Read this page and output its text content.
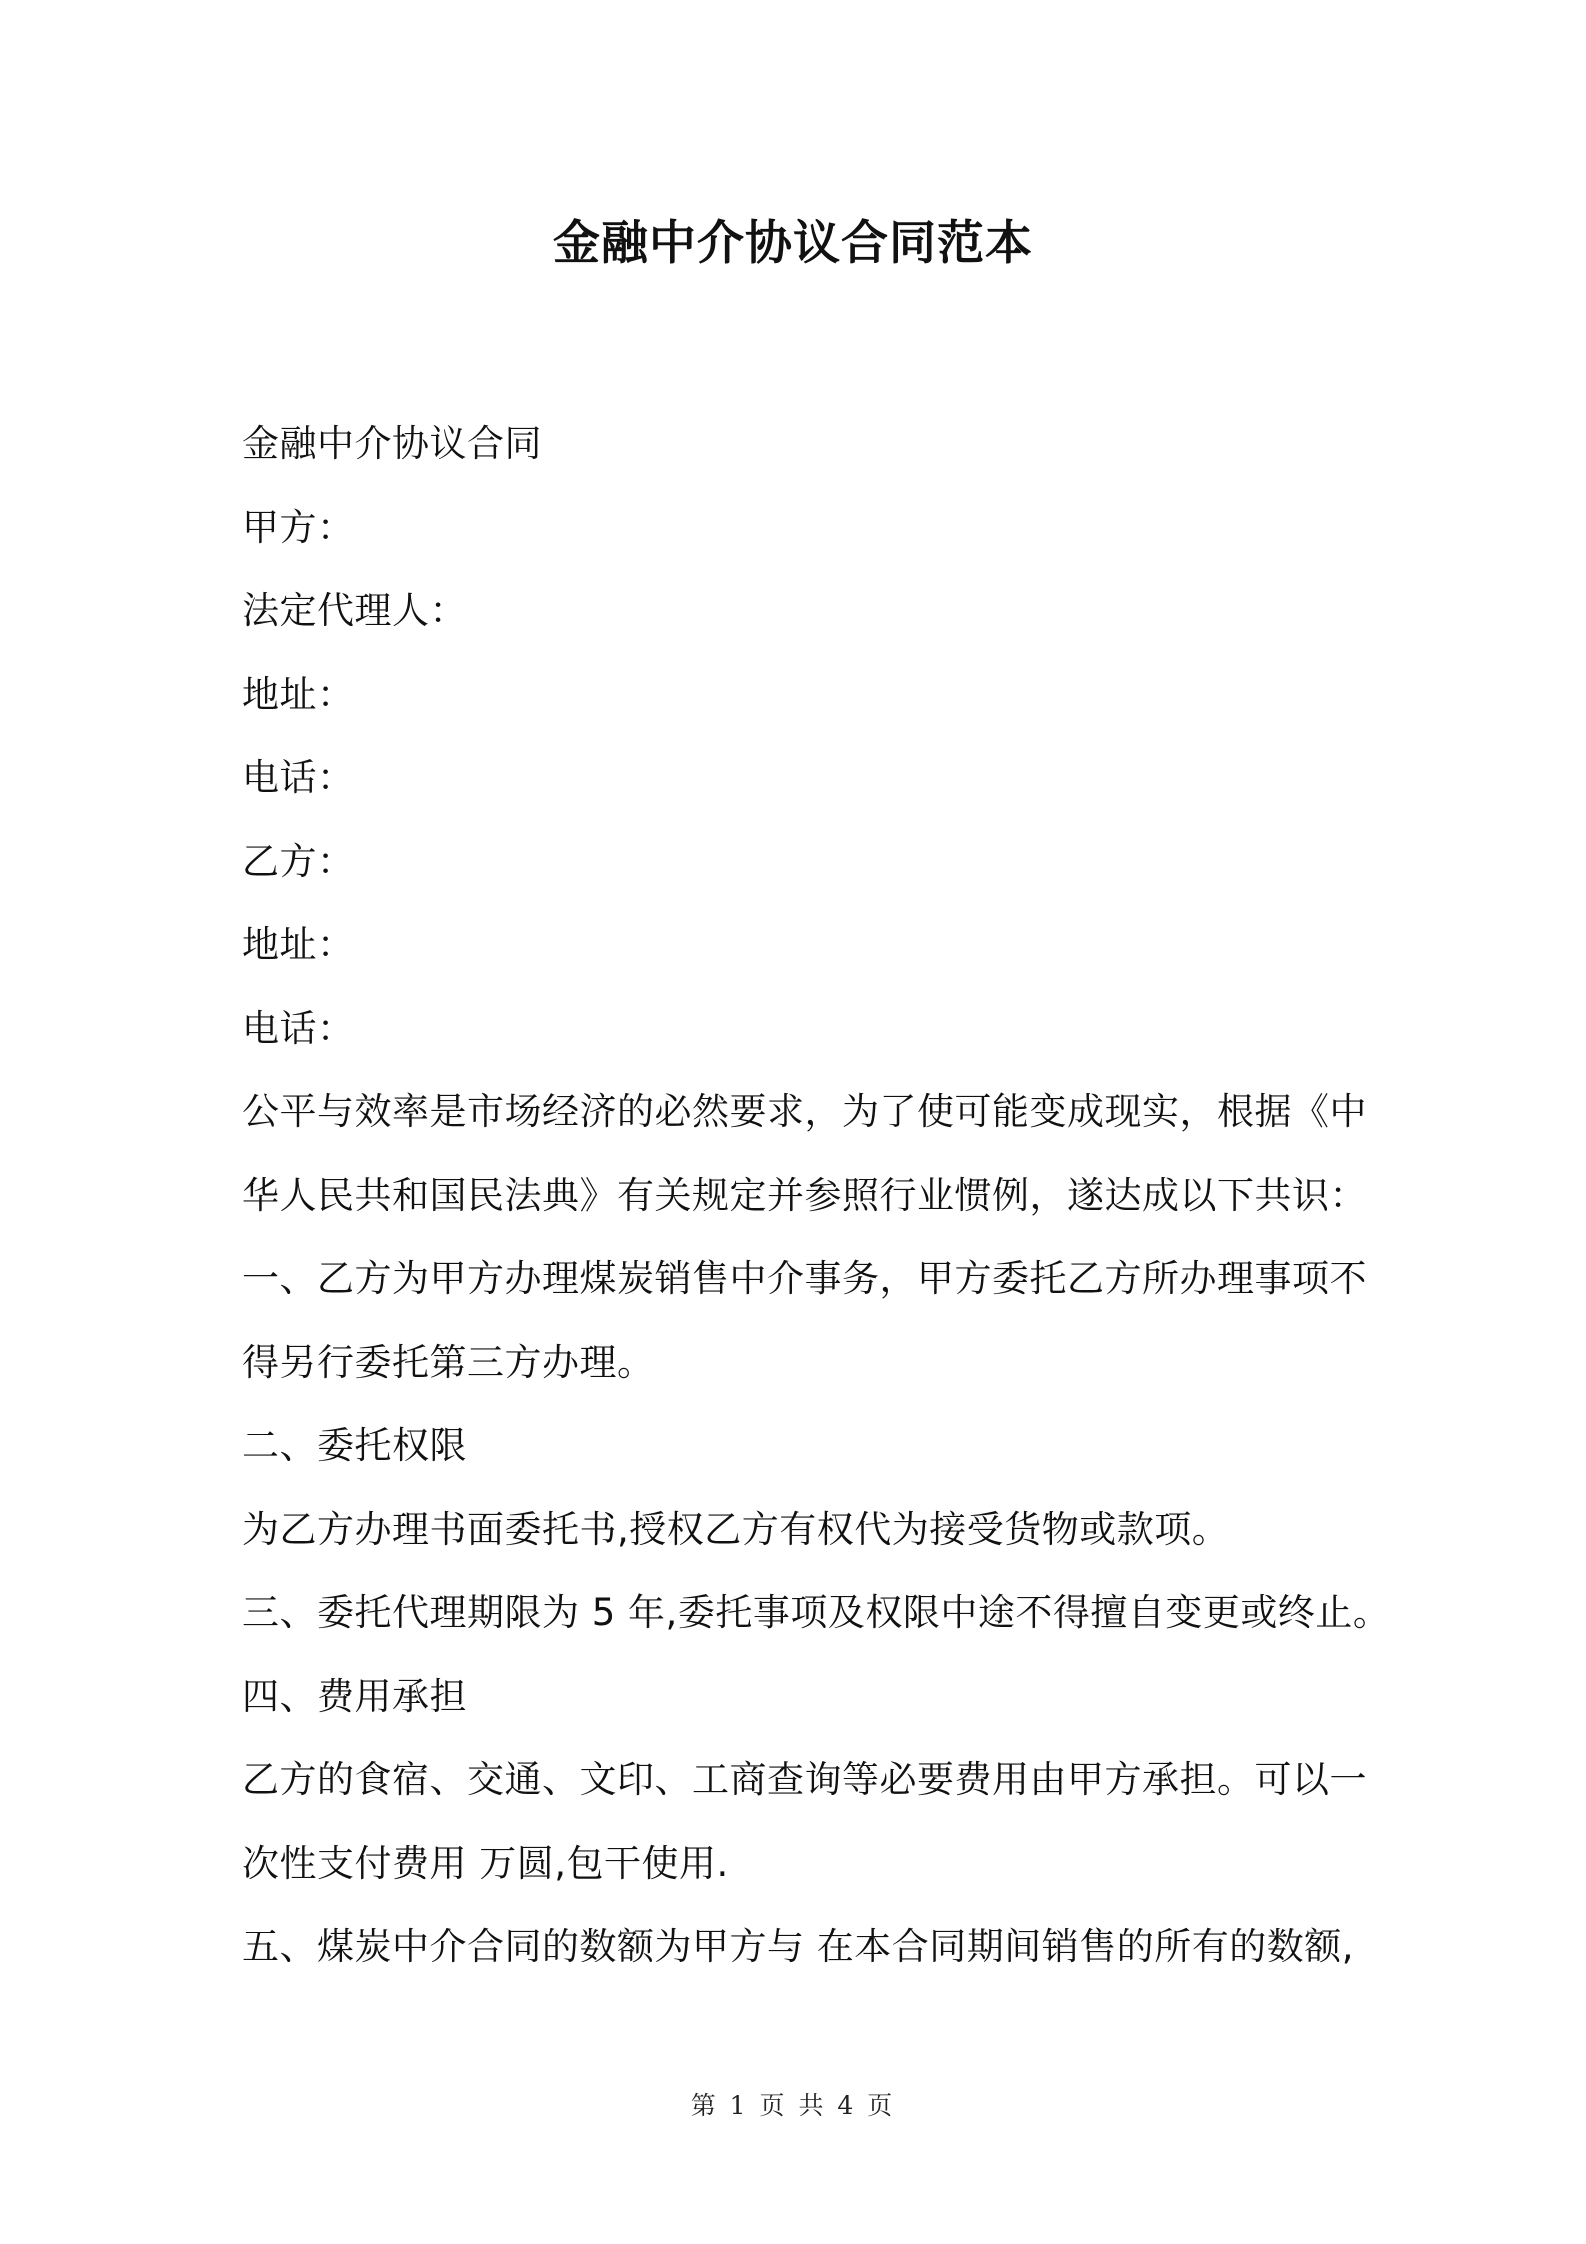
金融中介协议合同范本
金融中介协议合同
甲方：
法定代理人：
地址：
电话：
乙方：
地址：
电话：
公平与效率是市场经济的必然要求，为了使可能变成现实，根据《中
华人民共和国民法典》有关规定并参照行业惯例，遂达成以下共识：
一、乙方为甲方办理煤炭销售中介事务，甲方委托乙方所办理事项不
得另行委托第三方办理。
二、委托权限
为乙方办理书面委托书,授权乙方有权代为接受货物或款项。
三、委托代理期限为 5 年,委托事项及权限中途不得擅自变更或终止。
四、费用承担
乙方的食宿、交通、文印、工商查询等必要费用由甲方承担。可以一
次性支付费用 万圆,包干使用.
五、煤炭中介合同的数额为甲方与 在本合同期间销售的所有的数额,
第 1 页 共 4 页
